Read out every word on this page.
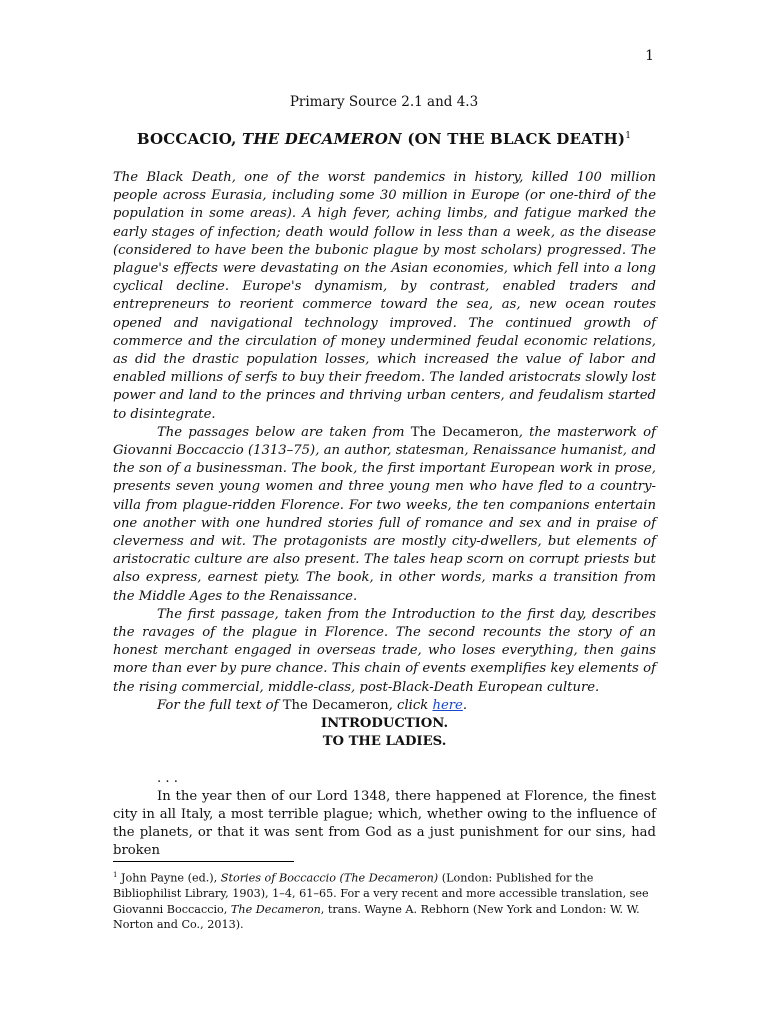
1

Primary Source 2.1 and 4.3

BOCCACIO, THE DECAMERON (ON THE BLACK DEATH)$^1$

The Black Death, one of the worst pandemics in history, killed 100 million people across Eurasia, including some 30 million in Europe (or one-third of the population in some areas). A high fever, aching limbs, and fatigue marked the early stages of infection; death would follow in less than a week, as the disease (considered to have been the bubonic plague by most scholars) progressed. The plague's effects were devastating on the Asian economies, which fell into a long cyclical decline. Europe's dynamism, by contrast, enabled traders and entrepreneurs to reorient commerce toward the sea, as, new ocean routes opened and navigational technology improved. The continued growth of commerce and the circulation of money undermined feudal economic relations, as did the drastic population losses, which increased the value of labor and enabled millions of serfs to buy their freedom. The landed aristocrats slowly lost power and land to the princes and thriving urban centers, and feudalism started to disintegrate.

The passages below are taken from The Decameron, the masterwork of Giovanni Boccaccio (1313–75), an author, statesman, Renaissance humanist, and the son of a businessman. The book, the first important European work in prose, presents seven young women and three young men who have fled to a country-villa from plague-ridden Florence. For two weeks, the ten companions entertain one another with one hundred stories full of romance and sex and in praise of cleverness and wit. The protagonists are mostly city-dwellers, but elements of aristocratic culture are also present. The tales heap scorn on corrupt priests but also express, earnest piety. The book, in other words, marks a transition from the Middle Ages to the Renaissance.

The first passage, taken from the Introduction to the first day, describes the ravages of the plague in Florence. The second recounts the story of an honest merchant engaged in overseas trade, who loses everything, then gains more than ever by pure chance. This chain of events exemplifies key elements of the rising commercial, middle-class, post-Black-Death European culture.

For the full text of The Decameron, click here.

INTRODUCTION.

TO THE LADIES.

. . .

In the year then of our Lord 1348, there happened at Florence, the finest city in all Italy, a most terrible plague; which, whether owing to the influence of the planets, or that it was sent from God as a just punishment for our sins, had broken

$^1$ John Payne (ed.), Stories of Boccaccio (The Decameron) (London: Published for the Bibliophilist Library, 1903), 1–4, 61–65. For a very recent and more accessible translation, see Giovanni Boccaccio, The Decameron, trans. Wayne A. Rebhorn (New York and London: W. W. Norton and Co., 2013).
